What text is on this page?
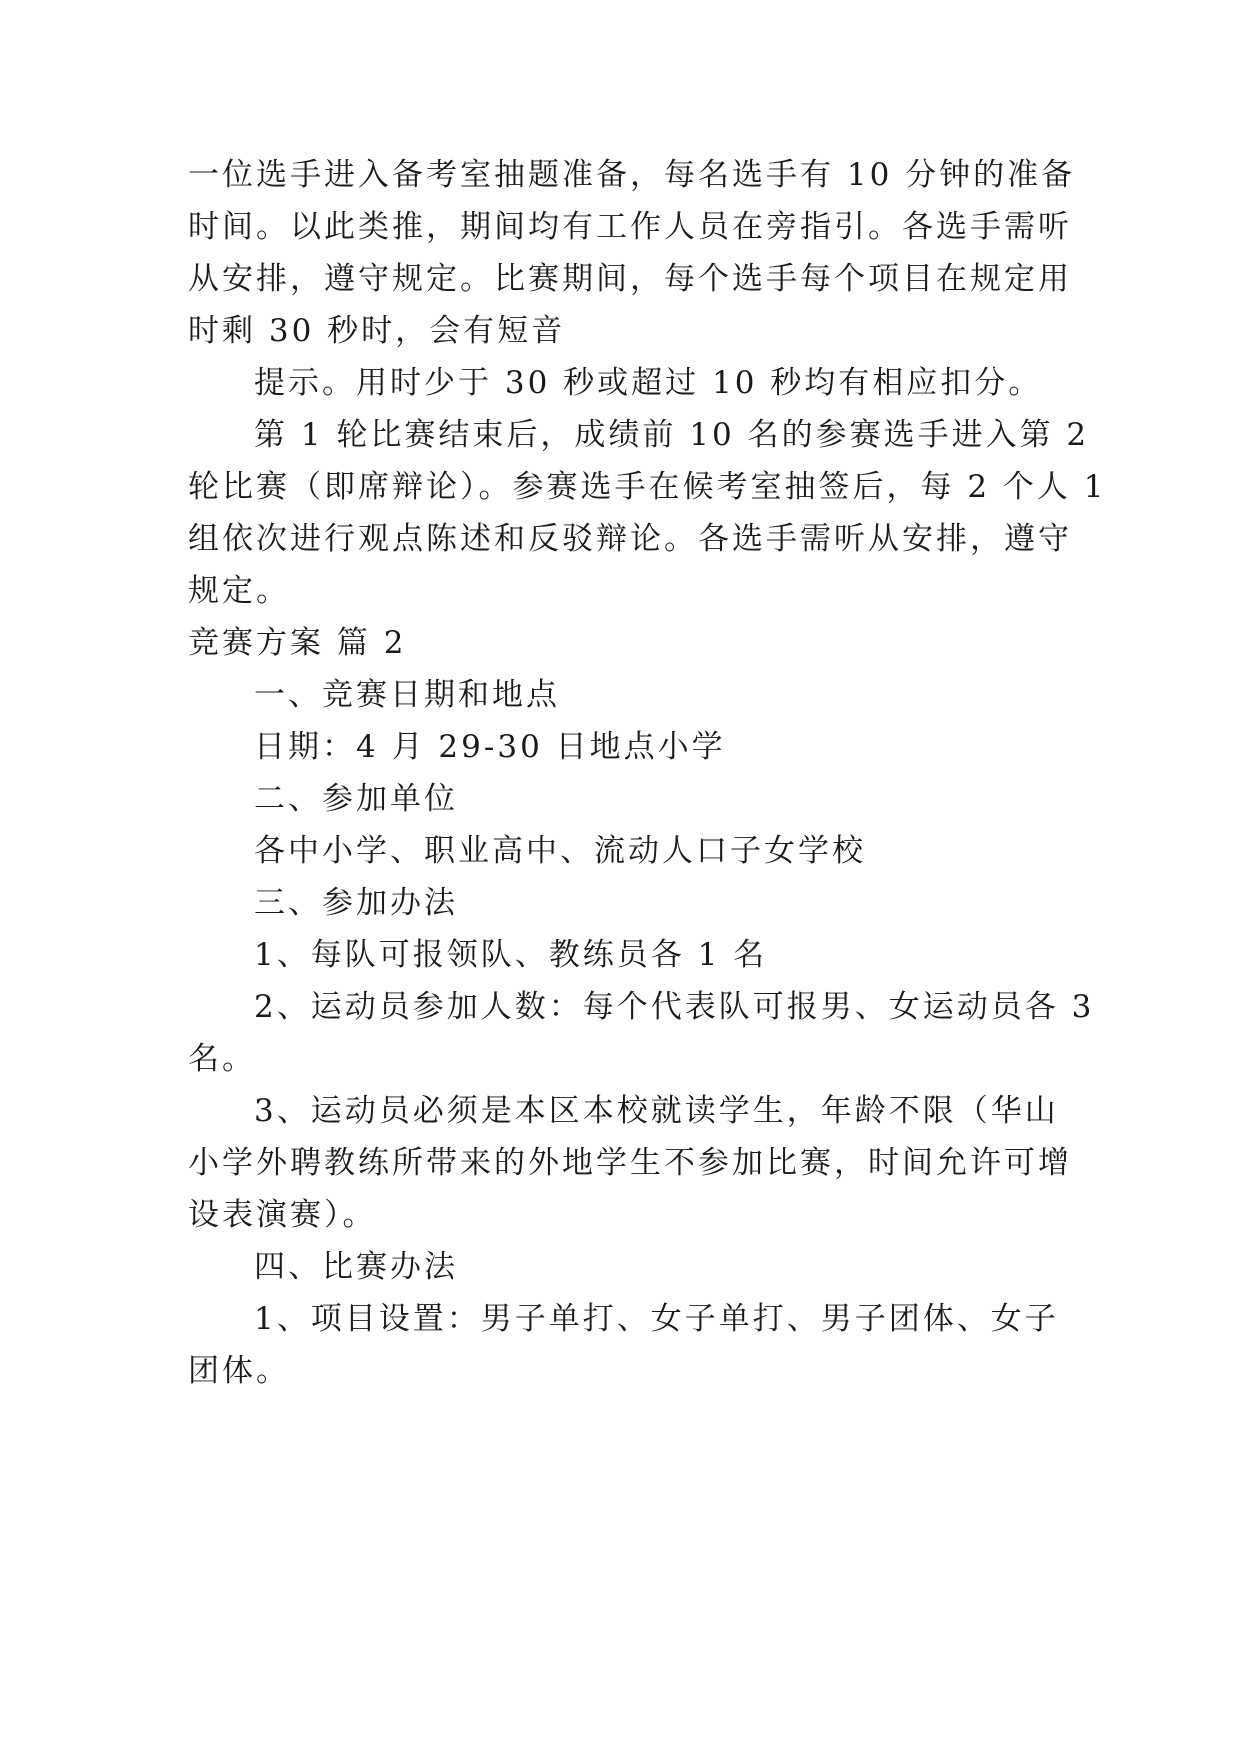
一位选手进入备考室抽题准备，每名选手有 10 分钟的准备
时间。以此类推，期间均有工作人员在旁指引。各选手需听
从安排，遵守规定。比赛期间，每个选手每个项目在规定用
时剩 30 秒时，会有短音
提示。用时少于 30 秒或超过 10 秒均有相应扣分。
第 1 轮比赛结束后，成绩前 10 名的参赛选手进入第 2
轮比赛（即席辩论）。参赛选手在候考室抽签后，每 2 个人 1
组依次进行观点陈述和反驳辩论。各选手需听从安排，遵守
规定。
竞赛方案 篇 2
一、竞赛日期和地点
日期：4 月 29-30 日地点小学
二、参加单位
各中小学、职业高中、流动人口子女学校
三、参加办法
1、每队可报领队、教练员各 1 名
2、运动员参加人数：每个代表队可报男、女运动员各 3
名。
3、运动员必须是本区本校就读学生，年龄不限（华山
小学外聘教练所带来的外地学生不参加比赛，时间允许可增
设表演赛）。
四、比赛办法
1、项目设置：男子单打、女子单打、男子团体、女子
团体。
